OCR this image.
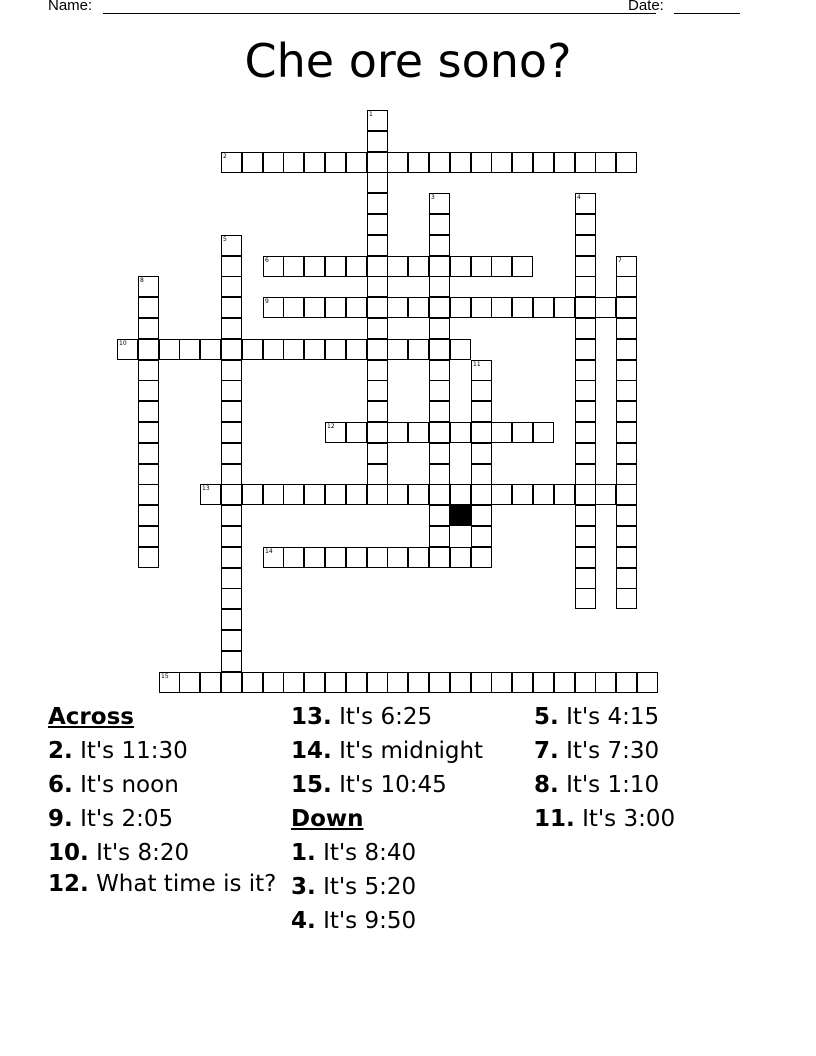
Name:	Date:
Che ore sono?
2
6
9
10
12
13
14
15
1
3	4
5
7
8
11
Across
2. It's 11:30
6. It's noon
9. It's 2:05
10. It's 8:20
12. What time is it?
13. It's 6:25
14. It's midnight
15. It's 10:45
Down
1. It's 8:40
3. It's 5:20
4. It's 9:50
5. It's 4:15
7. It's 7:30
8. It's 1:10
11. It's 3:00
